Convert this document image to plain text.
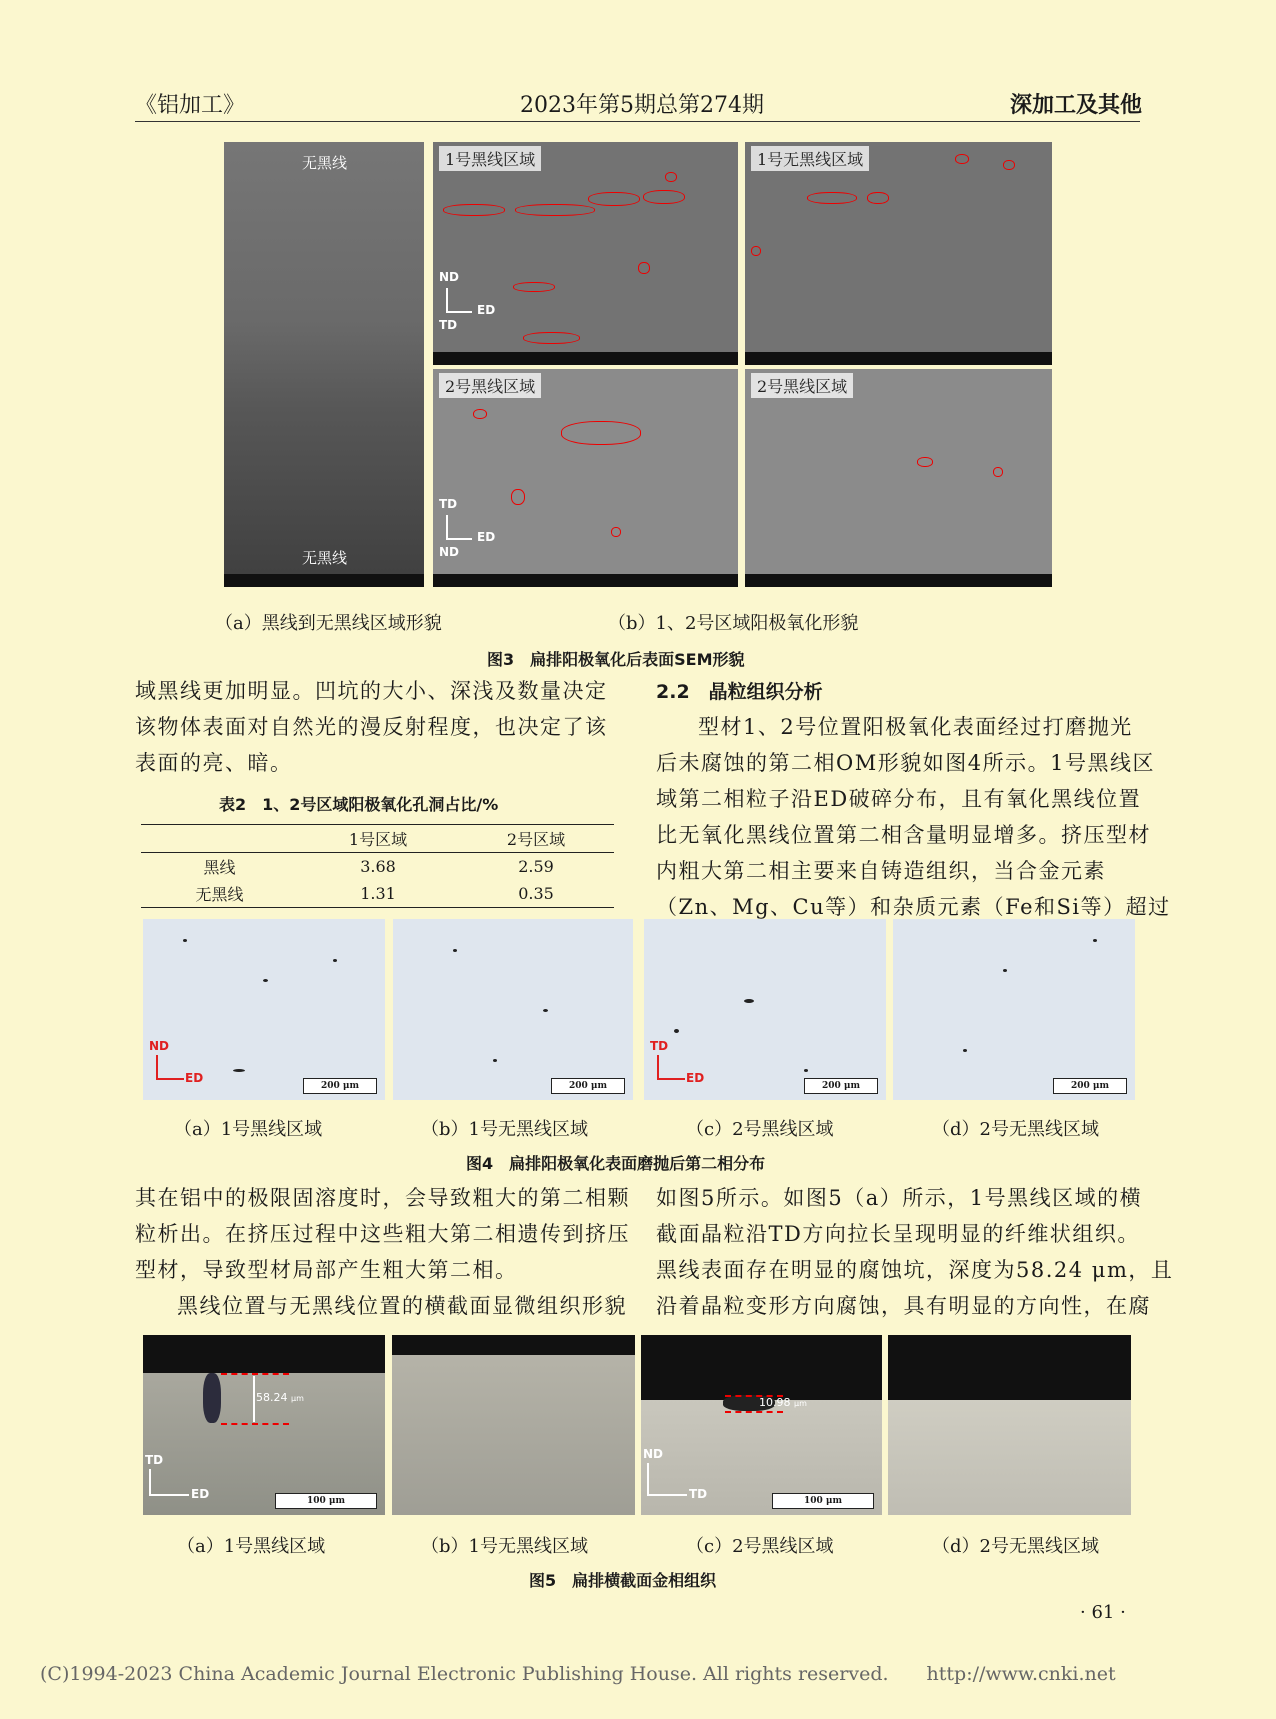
《铝加工》	2023年第5期总第274期	深加工及其他
无黑线
无黑线
1号黑线区域
ND
ED
TD
1号无黑线区域
2号黑线区域
TD
ED
ND
2号黑线区域
（a）黑线到无黑线区域形貌	（b）1、2号区域阳极氧化形貌
图3　扁排阳极氧化后表面SEM形貌
域黑线更加明显。凹坑的大小、深浅及数量决定
该物体表面对自然光的漫反射程度，也决定了该
表面的亮、暗。
表2　1、2号区域阳极氧化孔洞占比/%
	1号区域	2号区域
黑线	3.68	2.59
无黑线	1.31	0.35
2.2　晶粒组织分析
型材1、2号位置阳极氧化表面经过打磨抛光
后未腐蚀的第二相OM形貌如图4所示。1号黑线区
域第二相粒子沿ED破碎分布，且有氧化黑线位置
比无氧化黑线位置第二相含量明显增多。挤压型材
内粗大第二相主要来自铸造组织，当合金元素
（Zn、Mg、Cu等）和杂质元素（Fe和Si等）超过
ND
ED
200 μm	200 μm
TD
ED
200 μm	200 μm
（a）1号黑线区域	（b）1号无黑线区域	（c）2号黑线区域	（d）2号无黑线区域
图4　扁排阳极氧化表面磨抛后第二相分布
其在铝中的极限固溶度时，会导致粗大的第二相颗
粒析出。在挤压过程中这些粗大第二相遗传到挤压
型材，导致型材局部产生粗大第二相。
黑线位置与无黑线位置的横截面显微组织形貌
如图5所示。如图5（a）所示，1号黑线区域的横
截面晶粒沿TD方向拉长呈现明显的纤维状组织。
黑线表面存在明显的腐蚀坑，深度为58.24 μm，且
沿着晶粒变形方向腐蚀，具有明显的方向性，在腐
58.24 μm
TD
ED	100 μm
10.98 μm
ND
TD	100 μm
（a）1号黑线区域	（b）1号无黑线区域	（c）2号黑线区域	（d）2号无黑线区域
图5　扁排横截面金相组织
· 61 ·
(C)1994-2023 China Academic Journal Electronic Publishing House. All rights reserved.　　http://www.cnki.net
